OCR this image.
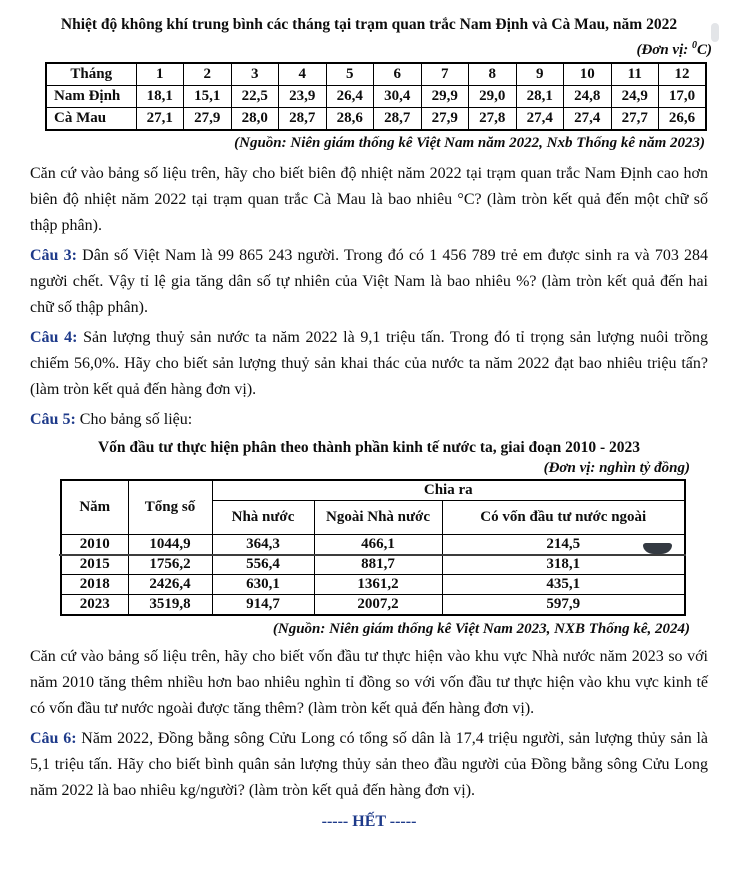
Nhiệt độ không khí trung bình các tháng tại trạm quan trắc Nam Định và Cà Mau, năm 2022
(Đơn vị: $^0$C)
Tháng	1	2	3	4	5	6	7	8	9	10	11	12
Nam Định	18,1	15,1	22,5	23,9	26,4	30,4	29,9	29,0	28,1	24,8	24,9	17,0
Cà Mau	27,1	27,9	28,0	28,7	28,6	28,7	27,9	27,8	27,4	27,4	27,7	26,6
(Nguồn: Niên giám thống kê Việt Nam năm 2022, Nxb Thống kê năm 2023)

Căn cứ vào bảng số liệu trên, hãy cho biết biên độ nhiệt năm 2022 tại trạm quan trắc Nam Định cao hơn biên độ nhiệt năm 2022 tại trạm quan trắc Cà Mau là bao nhiêu °C? (làm tròn kết quả đến một chữ số thập phân).

Câu 3: Dân số Việt Nam là 99 865 243 người. Trong đó có 1 456 789 trẻ em được sinh ra và 703 284 người chết. Vậy tỉ lệ gia tăng dân số tự nhiên của Việt Nam là bao nhiêu %? (làm tròn kết quả đến hai chữ số thập phân).

Câu 4: Sản lượng thuỷ sản nước ta năm 2022 là 9,1 triệu tấn. Trong đó tỉ trọng sản lượng nuôi trồng chiếm 56,0%. Hãy cho biết sản lượng thuỷ sản khai thác của nước ta năm 2022 đạt bao nhiêu triệu tấn? (làm tròn kết quả đến hàng đơn vị).

Câu 5: Cho bảng số liệu:

Vốn đầu tư thực hiện phân theo thành phần kinh tế nước ta, giai đoạn 2010 - 2023
(Đơn vị: nghìn tỷ đồng)
Năm	Tổng số	Chia ra		
		Nhà nước	Ngoài Nhà nước	Có vốn đầu tư nước ngoài
2010	1044,9	364,3	466,1	214,5
2015	1756,2	556,4	881,7	318,1
2018	2426,4	630,1	1361,2	435,1
2023	3519,8	914,7	2007,2	597,9
(Nguồn: Niên giám thống kê Việt Nam 2023, NXB Thống kê, 2024)

Căn cứ vào bảng số liệu trên, hãy cho biết vốn đầu tư thực hiện vào khu vực Nhà nước năm 2023 so với năm 2010 tăng thêm nhiều hơn bao nhiêu nghìn tỉ đồng so với vốn đầu tư thực hiện vào khu vực kinh tế có vốn đầu tư nước ngoài được tăng thêm? (làm tròn kết quả đến hàng đơn vị).

Câu 6: Năm 2022, Đồng bằng sông Cửu Long có tổng số dân là 17,4 triệu người, sản lượng thủy sản là 5,1 triệu tấn. Hãy cho biết bình quân sản lượng thủy sản theo đầu người của Đồng bằng sông Cửu Long năm 2022 là bao nhiêu kg/người? (làm tròn kết quả đến hàng đơn vị).

----- HẾT -----
